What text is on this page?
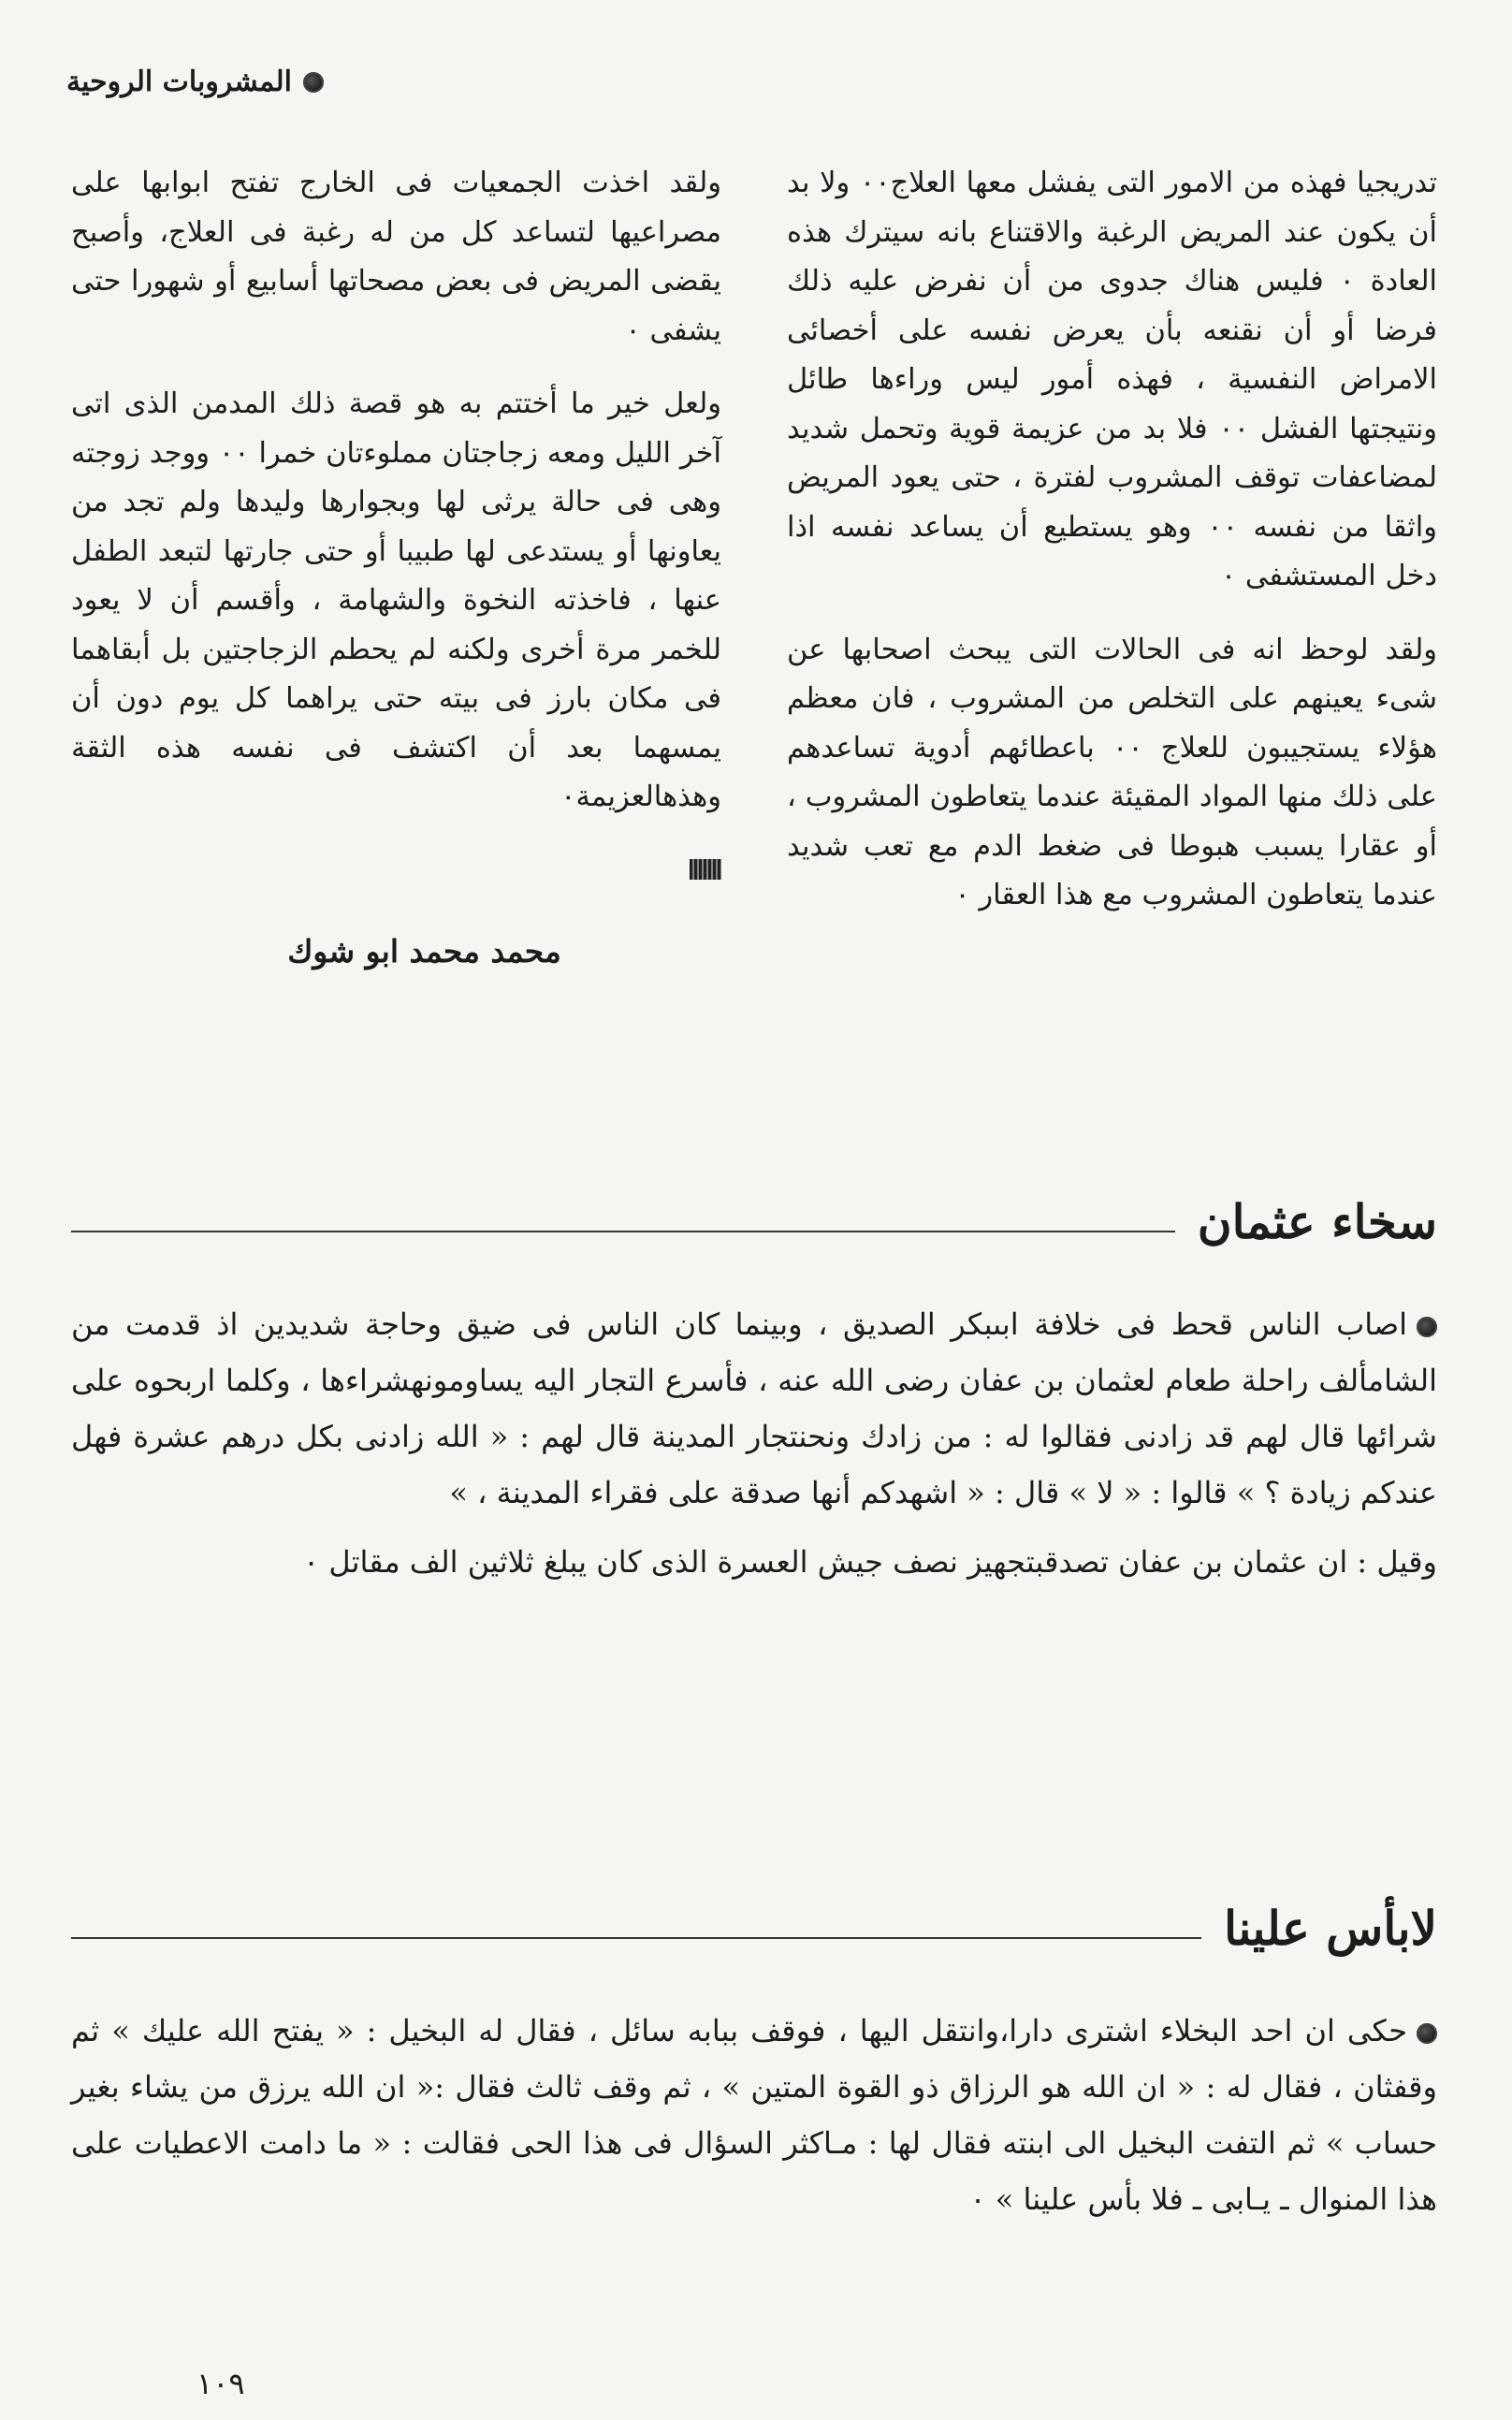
المشروبات الروحية

تدريجيا فهذه من الامور التى يفشل معها العلاج٠٠ ولا بد أن يكون عند المريض الرغبة والاقتناع بانه سيترك هذه العادة ٠ فليس هناك جدوى من أن نفرض عليه ذلك فرضا أو أن نقنعه بأن يعرض نفسه على أخصائى الامراض النفسية ، فهذه أمور ليس وراءها طائل ونتيجتها الفشل ٠٠ فلا بد من عزيمة قوية وتحمل شديد لمضاعفات توقف المشروب لفترة ، حتى يعود المريض واثقا من نفسه ٠٠ وهو يستطيع أن يساعد نفسه اذا دخل المستشفى ٠

ولقد لوحظ انه فى الحالات التى يبحث اصحابها عن شىء يعينهم على التخلص من المشروب ، فان معظم هؤلاء يستجيبون للعلاج ٠٠ باعطائهم أدوية تساعدهم على ذلك منها المواد المقيئة عندما يتعاطون المشروب ، أو عقارا يسبب هبوطا فى ضغط الدم مع تعب شديد عندما يتعاطون المشروب مع هذا العقار ٠

ولقد اخذت الجمعيات فى الخارج تفتح ابوابها على مصراعيها لتساعد كل من له رغبة فى العلاج، وأصبح يقضى المريض فى بعض مصحاتها أسابيع أو شهورا حتى يشفى ٠

ولعل خير ما أختتم به هو قصة ذلك المدمن الذى اتى آخر الليل ومعه زجاجتان مملوءتان خمرا ٠٠ ووجد زوجته وهى فى حالة يرثى لها وبجوارها وليدها ولم تجد من يعاونها أو يستدعى لها طبيبا أو حتى جارتها لتبعد الطفل عنها ، فاخذته النخوة والشهامة ، وأقسم أن لا يعود للخمر مرة أخرى ولكنه لم يحطم الزجاجتين بل أبقاهما فى مكان بارز فى بيته حتى يراهما كل يوم دون أن يمسهما بعد أن اكتشف فى نفسه هذه الثقة وهذهالعزيمة٠

محمد محمد ابو شوك
سخاء عثمان

اصاب الناس قحط فى خلافة ابىبكر الصديق ، وبينما كان الناس فى ضيق وحاجة شديدين اذ قدمت من الشامألف راحلة طعام لعثمان بن عفان رضى الله عنه ، فأسرع التجار اليه يساومونهشراءها ، وكلما اربحوه على شرائها قال لهم قد زادنى فقالوا له : من زادك ونحنتجار المدينة قال لهم : « الله زادنى بكل درهم عشرة فهل عندكم زيادة ؟ » قالوا : « لا » قال : « اشهدكم أنها صدقة على فقراء المدينة ، »

وقيل : ان عثمان بن عفان تصدقبتجهيز نصف جيش العسرة الذى كان يبلغ ثلاثين الف مقاتل ٠

لابأس علينا

حكى ان احد البخلاء اشترى دارا،وانتقل اليها ، فوقف ببابه سائل ، فقال له البخيل : « يفتح الله عليك » ثم وقفثان ، فقال له : « ان الله هو الرزاق ذو القوة المتين » ، ثم وقف ثالث فقال :« ان الله يرزق من يشاء بغير حساب » ثم التفت البخيل الى ابنته فقال لها : مـاكثر السؤال فى هذا الحى فقالت : « ما دامت الاعطيات على هذا المنوال ـ يـابى ـ فلا بأس علينا » ٠

١٠٩
